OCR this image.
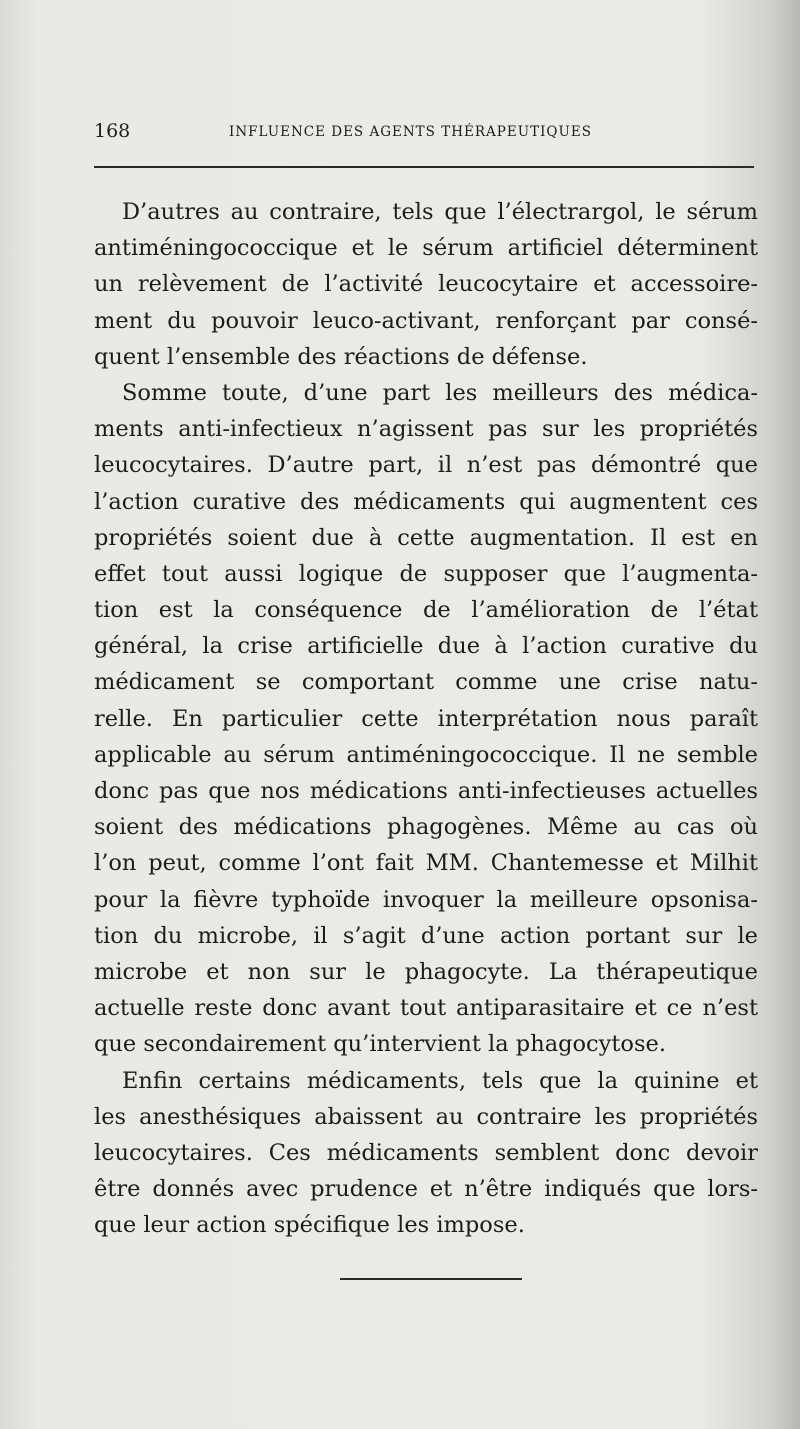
168	INFLUENCE DES AGENTS THÉRAPEUTIQUES
D’autres au contraire, tels que l’électrargol, le sérum
antiméningococcique et le sérum artificiel déterminent
un relèvement de l’activité leucocytaire et accessoire-
ment du pouvoir leuco-activant, renforçant par consé-
quent l’ensemble des réactions de défense.
Somme toute, d’une part les meilleurs des médica-
ments anti-infectieux n’agissent pas sur les propriétés
leucocytaires. D’autre part, il n’est pas démontré que
l’action curative des médicaments qui augmentent ces
propriétés soient due à cette augmentation. Il est en
effet tout aussi logique de supposer que l’augmenta-
tion est la conséquence de l’amélioration de l’état
général, la crise artificielle due à l’action curative du
médicament se comportant comme une crise natu-
relle. En particulier cette interprétation nous paraît
applicable au sérum antiméningococcique. Il ne semble
donc pas que nos médications anti-infectieuses actuelles
soient des médications phagogènes. Même au cas où
l’on peut, comme l’ont fait MM. Chantemesse et Milhit
pour la fièvre typhoïde invoquer la meilleure opsonisa-
tion du microbe, il s’agit d’une action portant sur le
microbe et non sur le phagocyte. La thérapeutique
actuelle reste donc avant tout antiparasitaire et ce n’est
que secondairement qu’intervient la phagocytose.
Enfin certains médicaments, tels que la quinine et
les anesthésiques abaissent au contraire les propriétés
leucocytaires. Ces médicaments semblent donc devoir
être donnés avec prudence et n’être indiqués que lors-
que leur action spécifique les impose.
